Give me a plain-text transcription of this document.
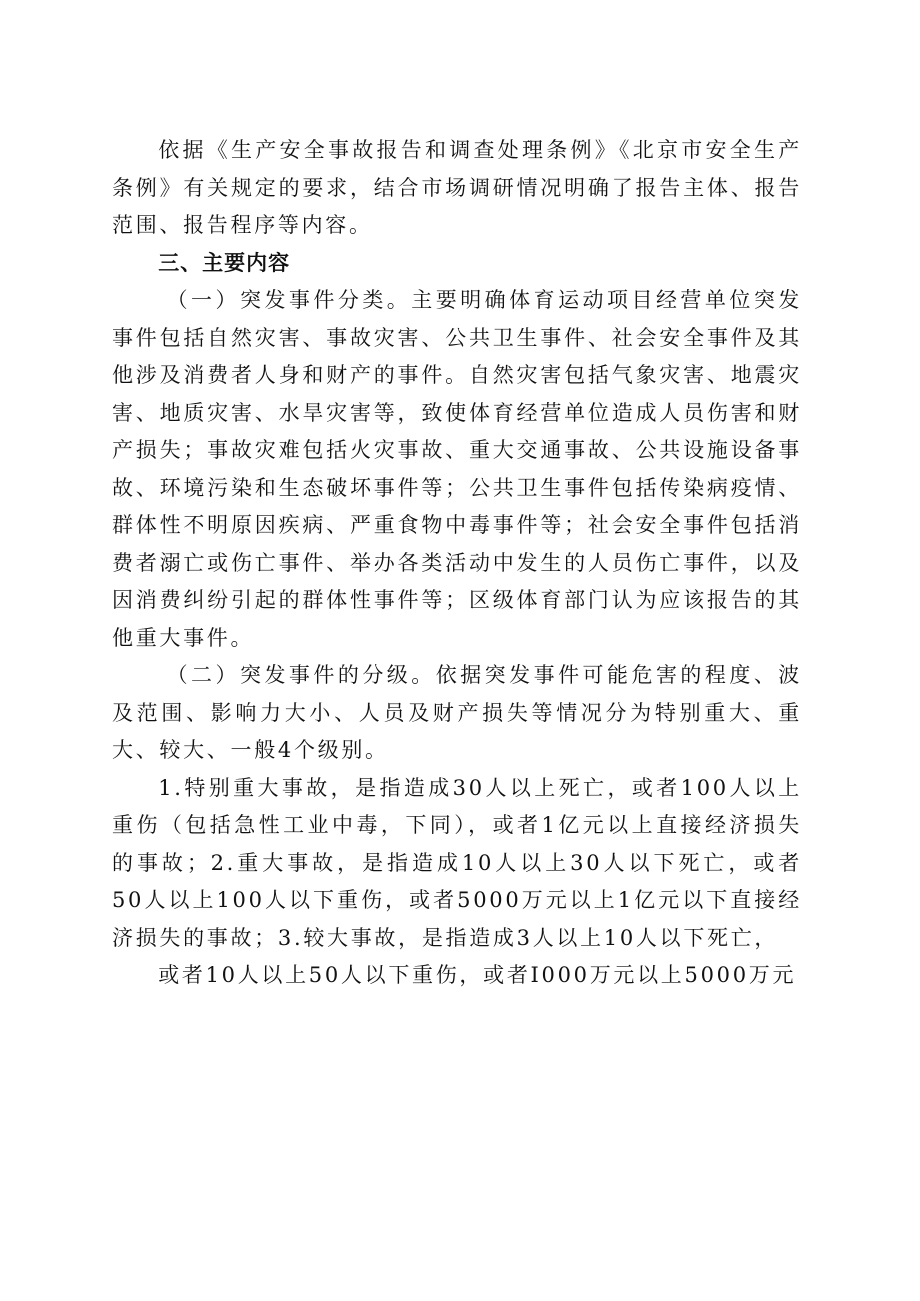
依据《生产安全事故报告和调查处理条例》《北京市安全生产条例》有关规定的要求，结合市场调研情况明确了报告主体、报告范围、报告程序等内容。

三、主要内容

（一）突发事件分类。主要明确体育运动项目经营单位突发事件包括自然灾害、事故灾害、公共卫生事件、社会安全事件及其他涉及消费者人身和财产的事件。自然灾害包括气象灾害、地震灾害、地质灾害、水旱灾害等，致使体育经营单位造成人员伤害和财产损失；事故灾难包括火灾事故、重大交通事故、公共设施设备事故、环境污染和生态破坏事件等；公共卫生事件包括传染病疫情、群体性不明原因疾病、严重食物中毒事件等；社会安全事件包括消费者溺亡或伤亡事件、举办各类活动中发生的人员伤亡事件，以及因消费纠纷引起的群体性事件等；区级体育部门认为应该报告的其他重大事件。

（二）突发事件的分级。依据突发事件可能危害的程度、波及范围、影响力大小、人员及财产损失等情况分为特别重大、重大、较大、一般4个级别。

1.特别重大事故，是指造成30人以上死亡，或者100人以上重伤（包括急性工业中毒，下同），或者1亿元以上直接经济损失的事故；2.重大事故，是指造成10人以上30人以下死亡，或者50人以上100人以下重伤，或者5000万元以上1亿元以下直接经济损失的事故；3.较大事故，是指造成3人以上10人以下死亡，

或者10人以上50人以下重伤，或者I000万元以上5000万元
